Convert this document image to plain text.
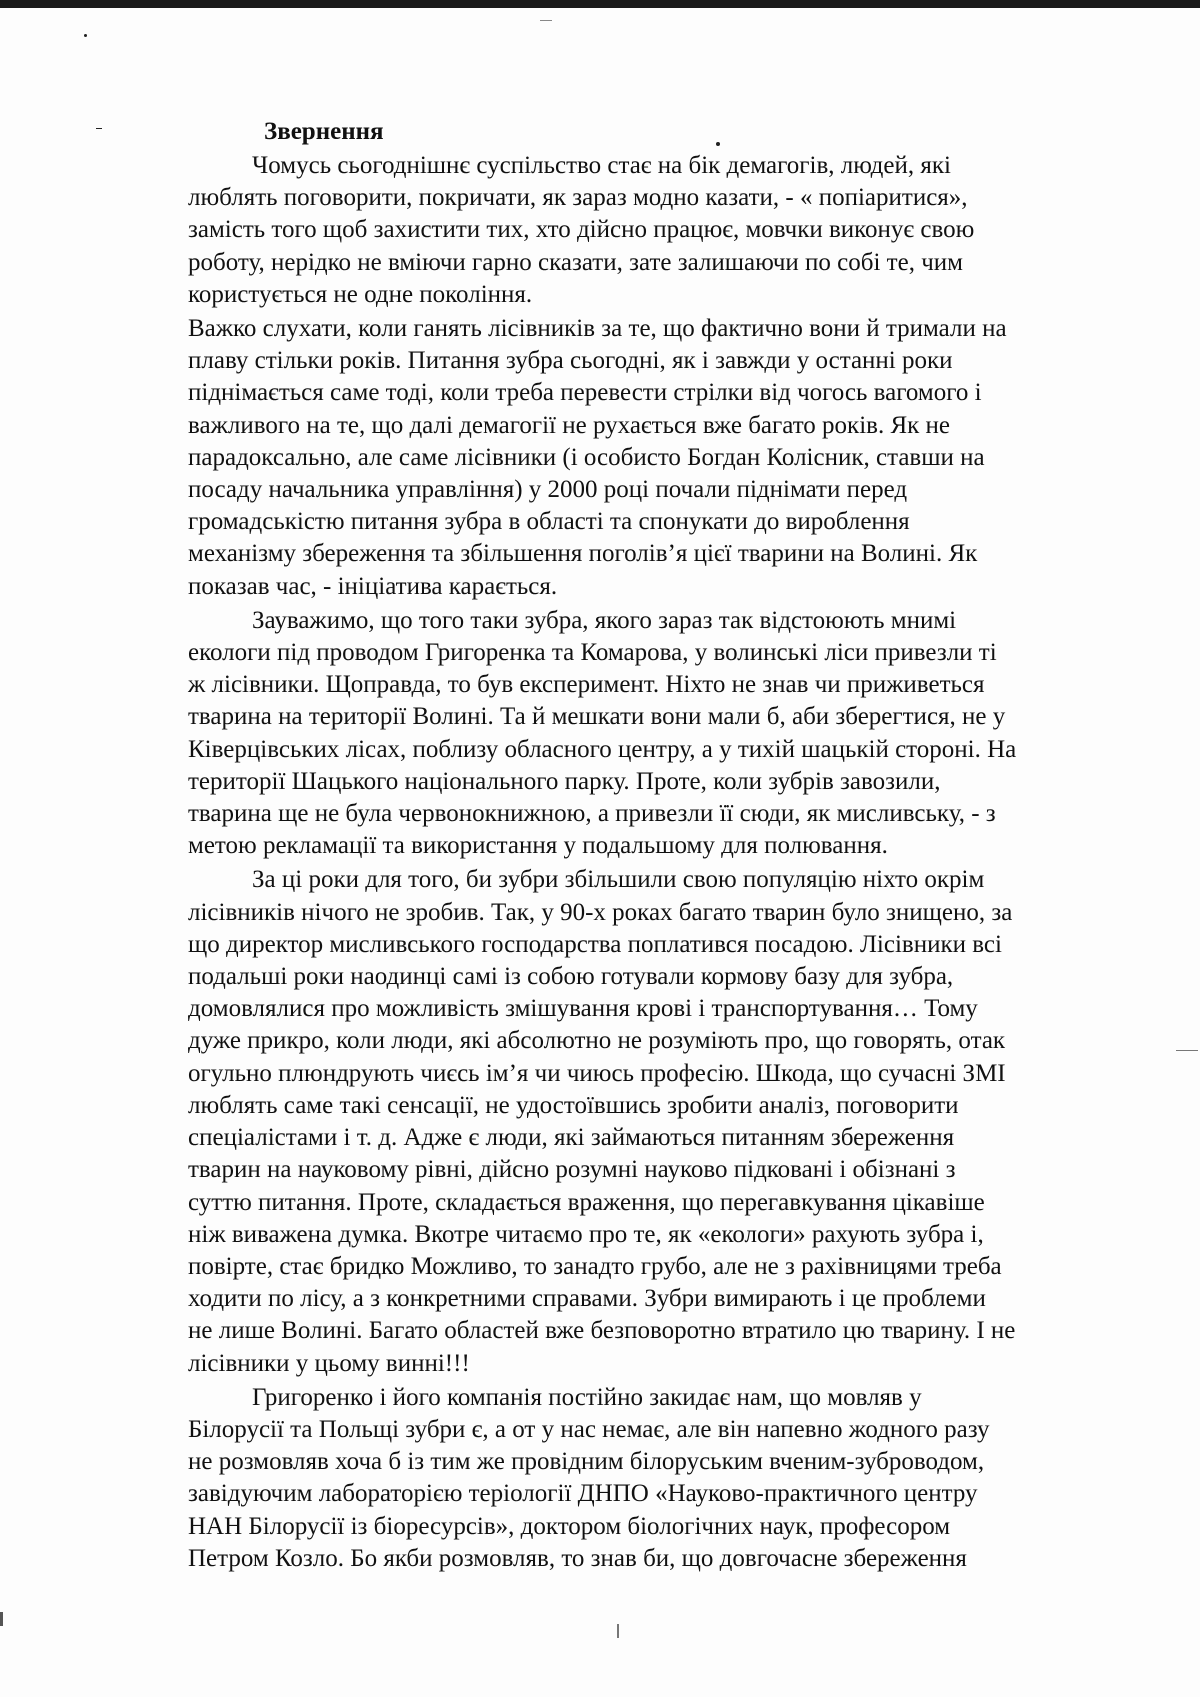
Звернення

Чомусь сьогоднішнє суспільство стає на бік демагогів, людей, які
люблять поговорити, покричати, як зараз модно казати, - « попіаритися»,
замість того щоб захистити тих, хто дійсно працює, мовчки виконує свою
роботу, нерідко не вміючи гарно сказати, зате залишаючи по собі те, чим
користується не одне покоління.

Важко слухати, коли ганять лісівників за те, що фактично вони й тримали на
плаву стільки років. Питання зубра сьогодні, як і завжди у останні роки
піднімається саме тоді, коли треба перевести стрілки від чогось вагомого і
важливого на те, що далі демагогії не рухається вже багато років. Як не
парадоксально, але саме лісівники (і особисто Богдан Колісник, ставши на
посаду начальника управління) у 2000 році почали піднімати перед
громадськістю питання зубра в області та спонукати до вироблення
механізму збереження та збільшення поголів’я цієї тварини на Волині. Як
показав час, - ініціатива карається.

Зауважимо, що того таки зубра, якого зараз так відстоюють мнимі
екологи під проводом Григоренка та Комарова, у волинські ліси привезли ті
ж лісівники. Щоправда, то був експеримент. Ніхто не знав чи приживеться
тварина на території Волині. Та й мешкати вони мали б, аби зберегтися, не у
Ківерцівських лісах, поблизу обласного центру, а у тихій шацькій стороні. На
території Шацького національного парку. Проте, коли зубрів завозили,
тварина ще не була червонокнижною, а привезли її сюди, як мисливську, - з
метою рекламації та використання у подальшому для полювання.

За ці роки для того, би зубри збільшили свою популяцію ніхто окрім
лісівників нічого не зробив. Так, у 90-х роках багато тварин було знищено, за
що директор мисливського господарства поплатився посадою. Лісівники всі
подальші роки наодинці самі із собою готували кормову базу для зубра,
домовлялися про можливість змішування крові і транспортування… Тому
дуже прикро, коли люди, які абсолютно не розуміють про, що говорять, отак
огульно плюндрують чиєсь ім’я чи чиюсь професію. Шкода, що сучасні ЗМІ
люблять саме такі сенсації, не удостоївшись зробити аналіз, поговорити
спеціалістами і т. д. Адже є люди, які займаються питанням збереження
тварин на науковому рівні, дійсно розумні науково підковані і обізнані з
суттю питання. Проте, складається враження, що перегавкування цікавіше
ніж виважена думка. Вкотре читаємо про те, як «екологи» рахують зубра і,
повірте, стає бридко Можливо, то занадто грубо, але не з рахівницями треба
ходити по лісу, а з конкретними справами. Зубри вимирають і це проблеми
не лише Волині. Багато областей вже безповоротно втратило цю тварину. І не
лісівники у цьому винні!!!

Григоренко і його компанія постійно закидає нам, що мовляв у
Білорусії та Польщі зубри є, а от у нас немає, але він напевно жодного разу
не розмовляв хоча б із тим же провідним білоруським вченим-зуброводом,
завідуючим лабораторією теріології ДНПО «Науково-практичного центру
НАН Білорусії із біоресурсів», доктором біологічних наук, професором
Петром Козло. Бо якби розмовляв, то знав би, що довгочасне збереження
